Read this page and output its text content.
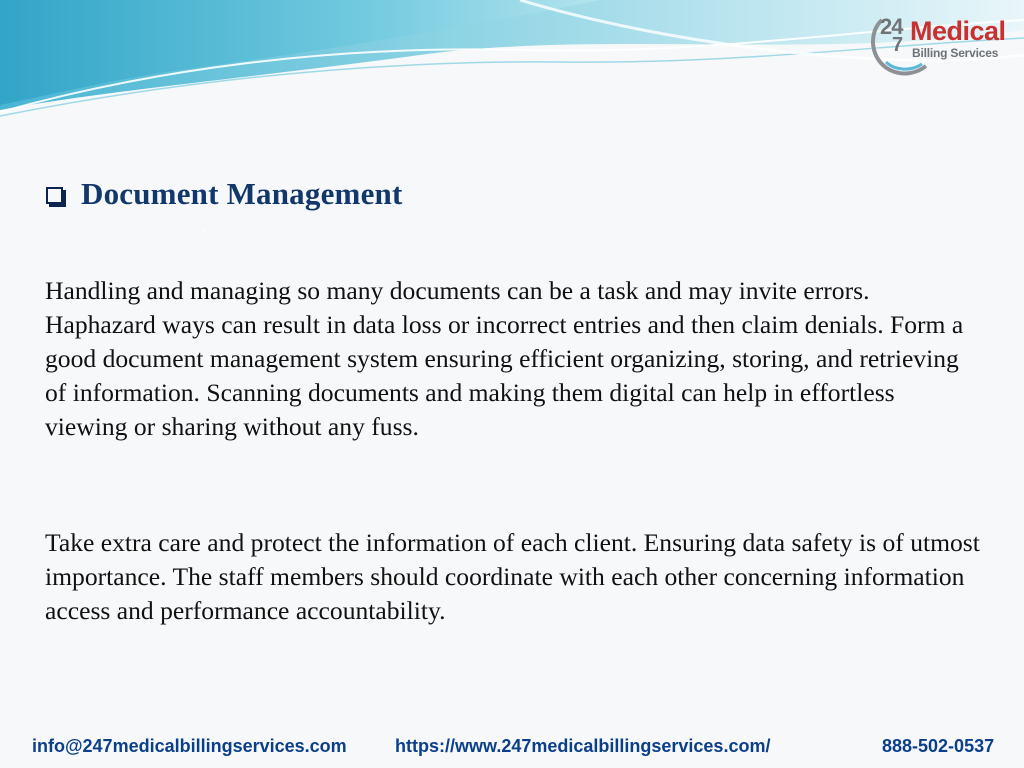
24
7 Medical
Billing Services
Document Management
Handling and managing so many documents can be a task and may invite errors. Haphazard ways can result in data loss or incorrect entries and then claim denials. Form a good document management system ensuring efficient organizing, storing, and retrieving of information. Scanning documents and making them digital can help in effortless viewing or sharing without any fuss.
Take extra care and protect the information of each client. Ensuring data safety is of utmost importance. The staff members should coordinate with each other concerning information access and performance accountability.
info@247medicalbillingservices.com	https://www.247medicalbillingservices.com/	888-502-0537
